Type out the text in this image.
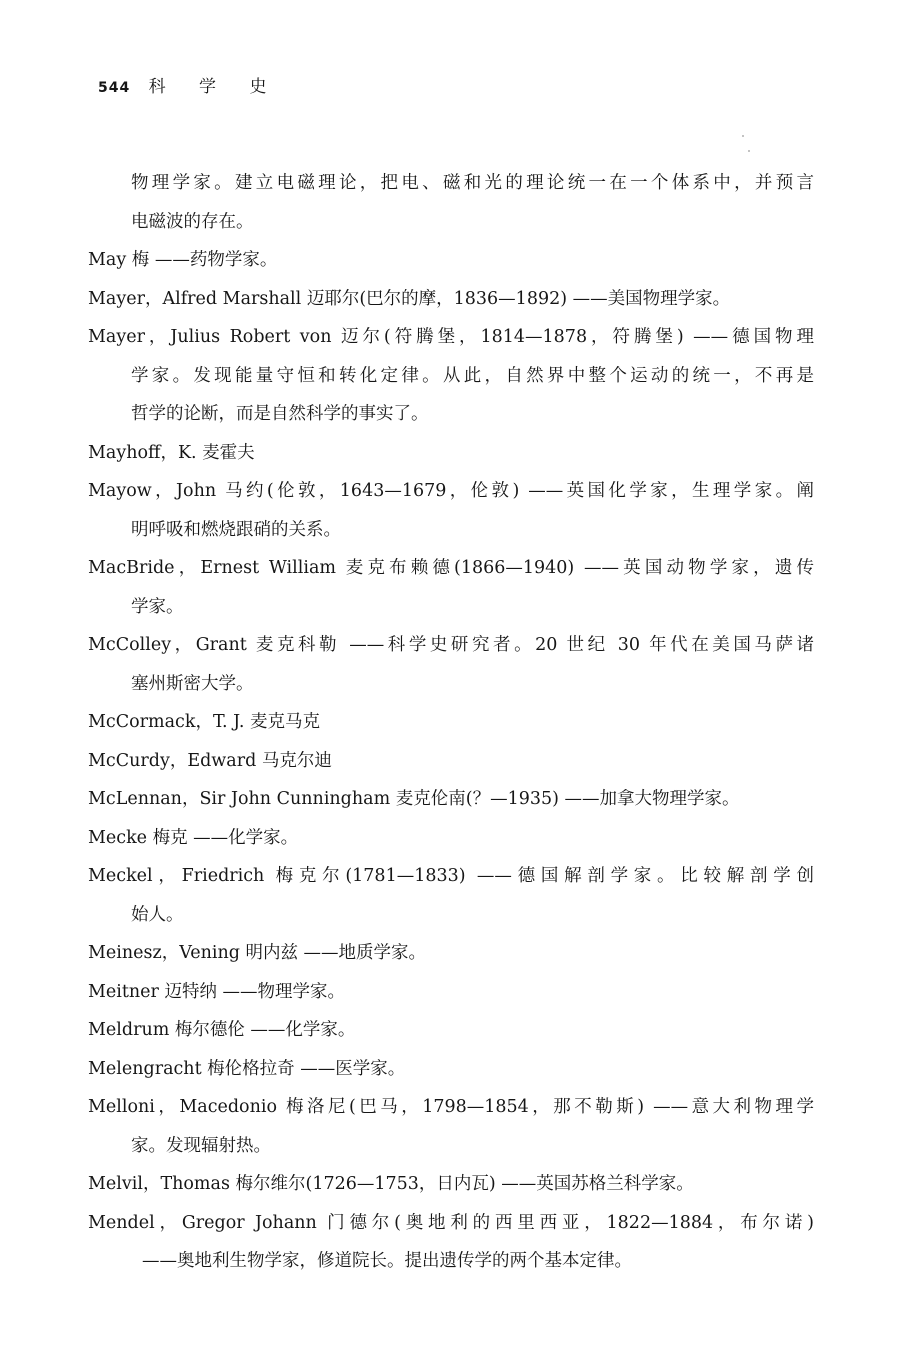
544 科 学 史
物理学家。建立电磁理论，把电、磁和光的理论统一在一个体系中，并预言
电磁波的存在。
May 梅 ——药物学家。
Mayer，Alfred Marshall 迈耶尔(巴尔的摩，1836—1892) ——美国物理学家。
Mayer，Julius Robert von 迈尔(符腾堡，1814—1878，符腾堡) ——德国物理
学家。发现能量守恒和转化定律。从此，自然界中整个运动的统一，不再是
哲学的论断，而是自然科学的事实了。
Mayhoff，K. 麦霍夫
Mayow，John 马约(伦敦，1643—1679，伦敦) ——英国化学家，生理学家。阐
明呼吸和燃烧跟硝的关系。
MacBride，Ernest William 麦克布赖德(1866—1940) ——英国动物学家，遗传
学家。
McColley，Grant 麦克科勒 ——科学史研究者。20 世纪 30 年代在美国马萨诸
塞州斯密大学。
McCormack，T. J. 麦克马克
McCurdy，Edward 马克尔迪
McLennan，Sir John Cunningham 麦克伦南(？—1935) ——加拿大物理学家。
Mecke 梅克 ——化学家。
Meckel，Friedrich 梅克尔(1781—1833) ——德国解剖学家。比较解剖学创
始人。
Meinesz，Vening 明内兹 ——地质学家。
Meitner 迈特纳 ——物理学家。
Meldrum 梅尔德伦 ——化学家。
Melengracht 梅伦格拉奇 ——医学家。
Melloni，Macedonio 梅洛尼(巴马，1798—1854，那不勒斯) ——意大利物理学
家。发现辐射热。
Melvil，Thomas 梅尔维尔(1726—1753，日内瓦) ——英国苏格兰科学家。
Mendel，Gregor Johann 门德尔(奥地利的西里西亚，1822—1884，布尔诺)
——奥地利生物学家，修道院长。提出遗传学的两个基本定律。
